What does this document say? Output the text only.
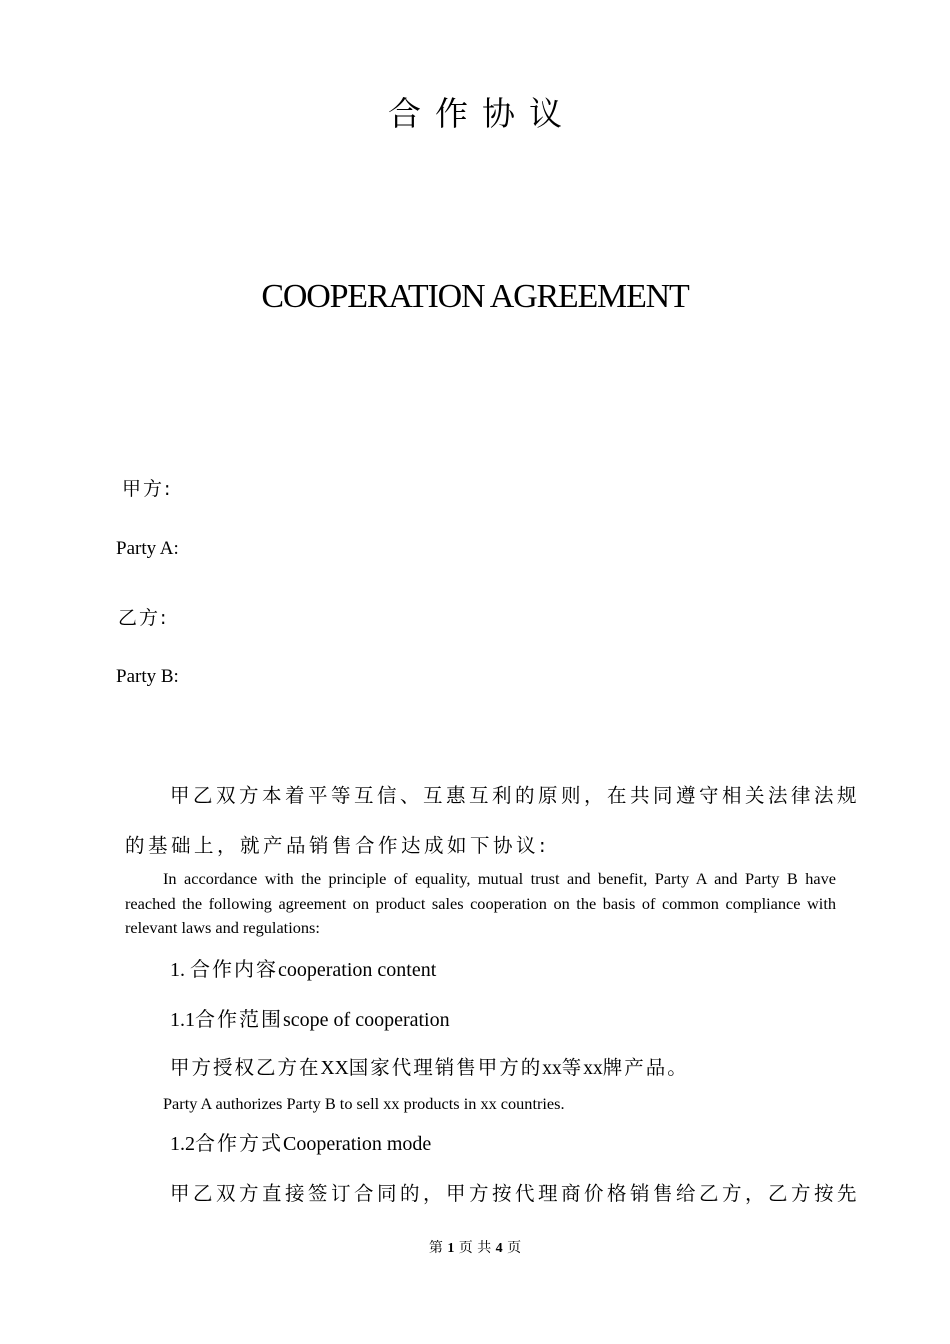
合作协议
COOPERATION AGREEMENT
甲方:
Party A:
乙方:
Party B:
甲乙双方本着平等互信、互惠互利的原则，在共同遵守相关法律法规
的基础上，就产品销售合作达成如下协议:
In accordance with the principle of equality, mutual trust and benefit, Party A and Party B have reached the following agreement on product sales cooperation on the basis of common compliance with relevant laws and regulations:
1. 合作内容cooperation content
1.1合作范围scope of cooperation
甲方授权乙方在XX国家代理销售甲方的xx等xx牌产品。
Party A authorizes Party B to sell xx products in xx countries.
1.2合作方式Cooperation mode
甲乙双方直接签订合同的，甲方按代理商价格销售给乙方，乙方按先
第 1 页 共 4 页
